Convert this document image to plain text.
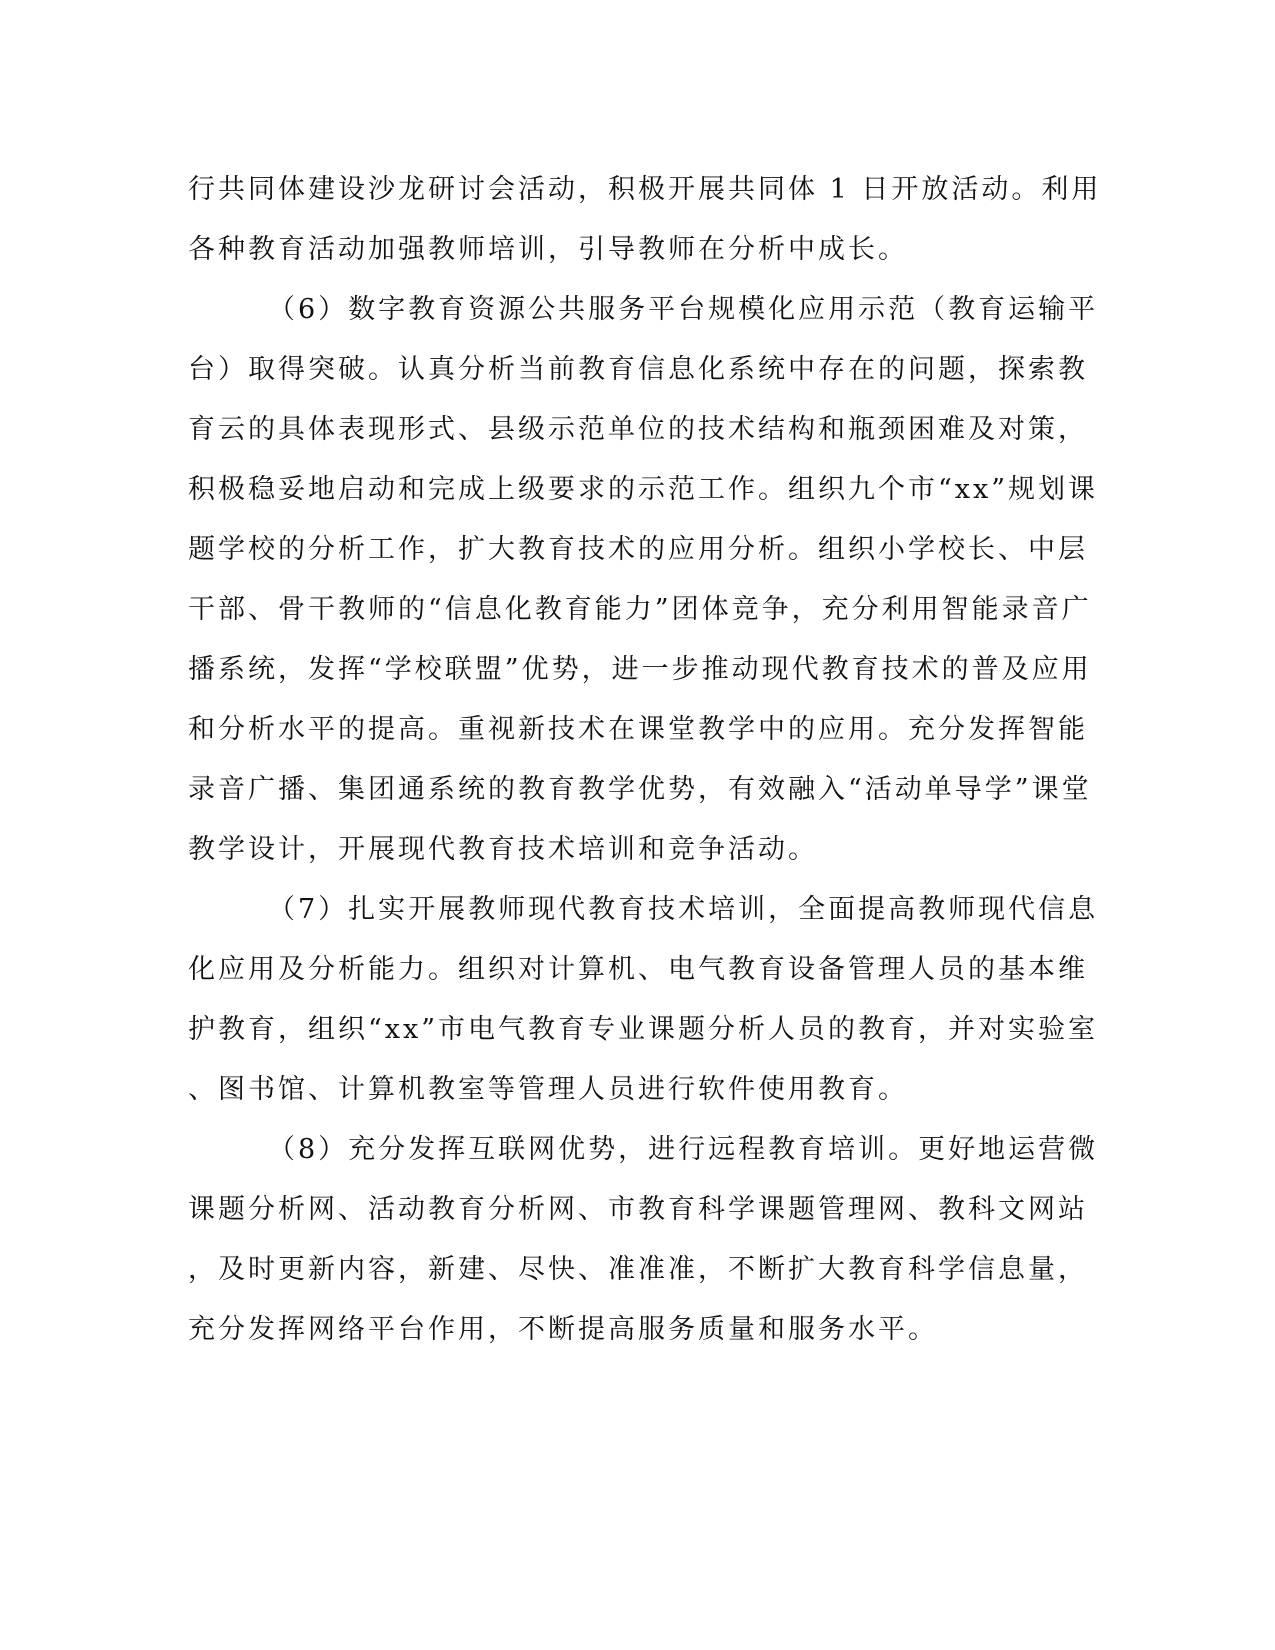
行共同体建设沙龙研讨会活动，积极开展共同体 1 日开放活动。利用
各种教育活动加强教师培训，引导教师在分析中成长。
（6）数字教育资源公共服务平台规模化应用示范（教育运输平
台）取得突破。认真分析当前教育信息化系统中存在的问题，探索教
育云的具体表现形式、县级示范单位的技术结构和瓶颈困难及对策，
积极稳妥地启动和完成上级要求的示范工作。组织九个市“xx”规划课
题学校的分析工作，扩大教育技术的应用分析。组织小学校长、中层
干部、骨干教师的“信息化教育能力”团体竞争，充分利用智能录音广
播系统，发挥“学校联盟”优势，进一步推动现代教育技术的普及应用
和分析水平的提高。重视新技术在课堂教学中的应用。充分发挥智能
录音广播、集团通系统的教育教学优势，有效融入“活动单导学”课堂
教学设计，开展现代教育技术培训和竞争活动。
（7）扎实开展教师现代教育技术培训，全面提高教师现代信息
化应用及分析能力。组织对计算机、电气教育设备管理人员的基本维
护教育，组织“xx”市电气教育专业课题分析人员的教育，并对实验室
、图书馆、计算机教室等管理人员进行软件使用教育。
（8）充分发挥互联网优势，进行远程教育培训。更好地运营微
课题分析网、活动教育分析网、市教育科学课题管理网、教科文网站
，及时更新内容，新建、尽快、准准准，不断扩大教育科学信息量，
充分发挥网络平台作用，不断提高服务质量和服务水平。
